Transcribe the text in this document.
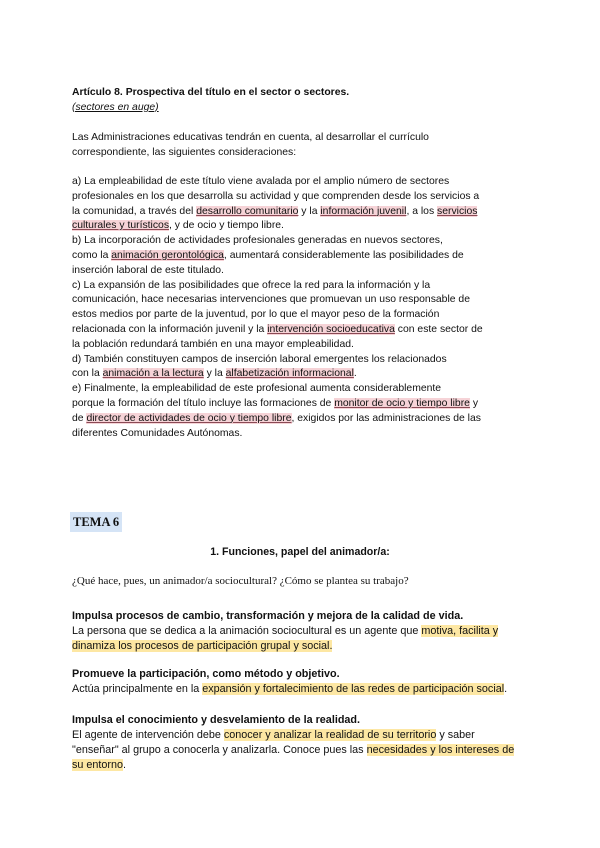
Artículo 8. Prospectiva del título en el sector o sectores.
(sectores en auge)
Las Administraciones educativas tendrán en cuenta, al desarrollar el currículo
correspondiente, las siguientes consideraciones:
a) La empleabilidad de este título viene avalada por el amplio número de sectores
profesionales en los que desarrolla su actividad y que comprenden desde los servicios a
la comunidad, a través del desarrollo comunitario y la información juvenil, a los servicios
culturales y turísticos, y de ocio y tiempo libre.
b) La incorporación de actividades profesionales generadas en nuevos sectores,
como la animación gerontológica, aumentará considerablemente las posibilidades de
inserción laboral de este titulado.
c) La expansión de las posibilidades que ofrece la red para la información y la
comunicación, hace necesarias intervenciones que promuevan un uso responsable de
estos medios por parte de la juventud, por lo que el mayor peso de la formación
relacionada con la información juvenil y la intervención socioeducativa con este sector de
la población redundará también en una mayor empleabilidad.
d) También constituyen campos de inserción laboral emergentes los relacionados
con la animación a la lectura y la alfabetización informacional.
e) Finalmente, la empleabilidad de este profesional aumenta considerablemente
porque la formación del título incluye las formaciones de monitor de ocio y tiempo libre y
de director de actividades de ocio y tiempo libre, exigidos por las administraciones de las
diferentes Comunidades Autónomas.
TEMA 6
1. Funciones, papel del animador/a:
¿Qué hace, pues, un animador/a sociocultural? ¿Cómo se plantea su trabajo?
Impulsa procesos de cambio, transformación y mejora de la calidad de vida.
La persona que se dedica a la animación sociocultural es un agente que motiva, facilita y
dinamiza los procesos de participación grupal y social.
Promueve la participación, como método y objetivo.
Actúa principalmente en la expansión y fortalecimiento de las redes de participación social.
Impulsa el conocimiento y desvelamiento de la realidad.
El agente de intervención debe conocer y analizar la realidad de su territorio y saber
"enseñar" al grupo a conocerla y analizarla. Conoce pues las necesidades y los intereses de
su entorno.
